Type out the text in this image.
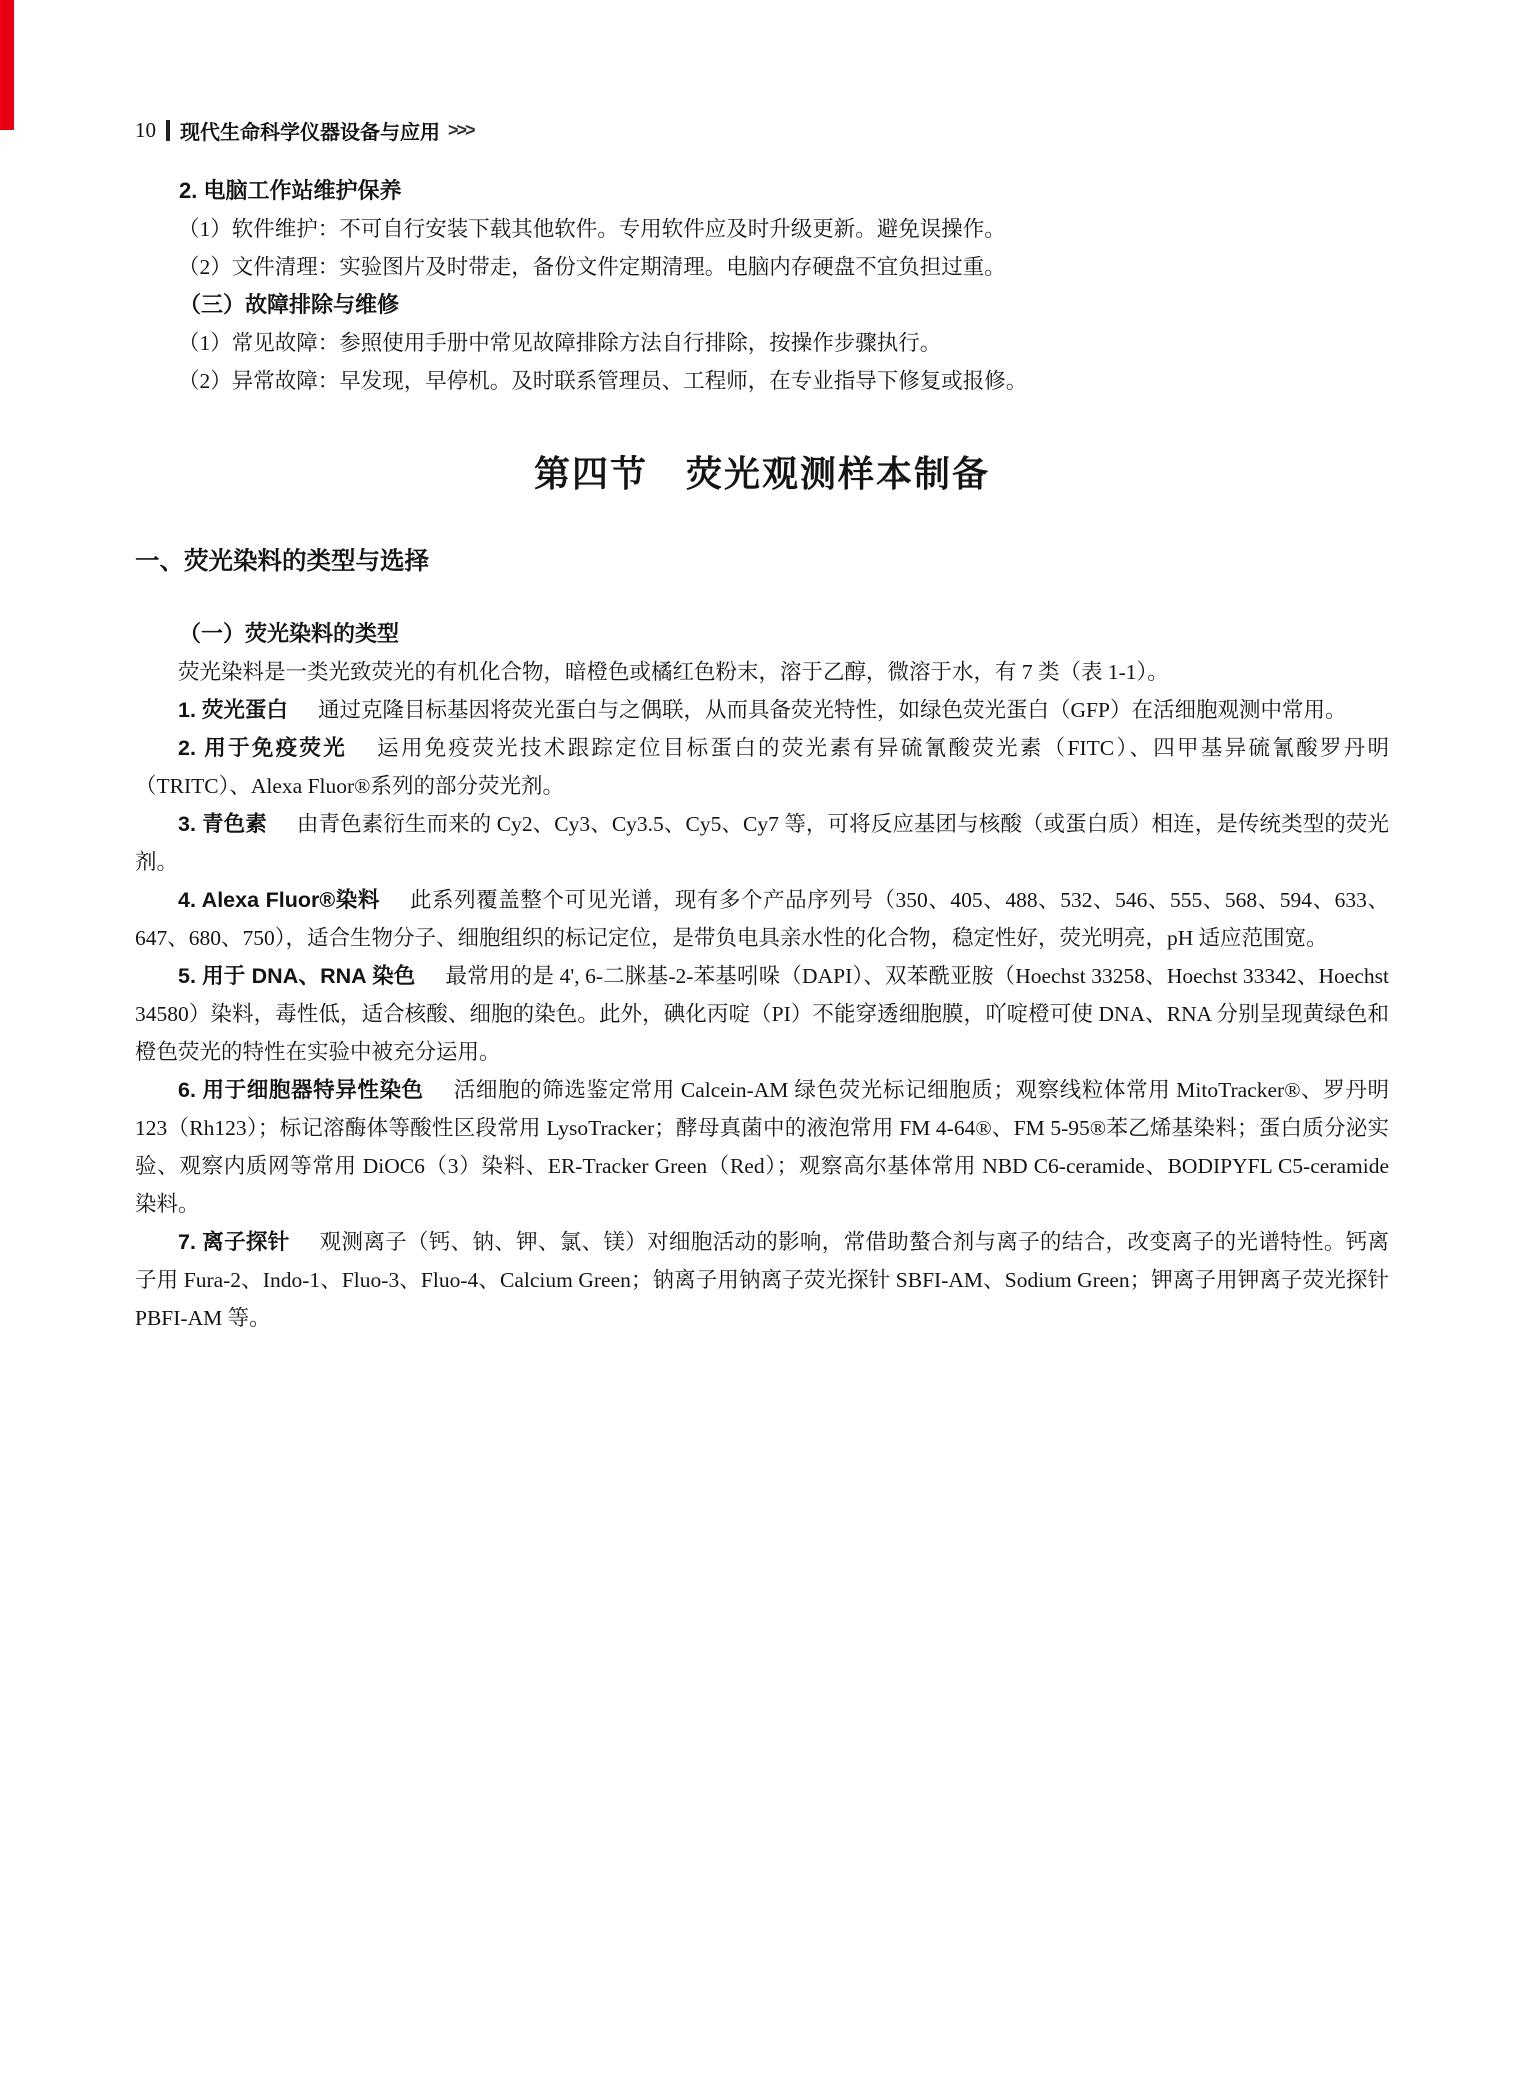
10 现代生命科学仪器设备与应用 >>>
2. 电脑工作站维护保养
（1）软件维护：不可自行安装下载其他软件。专用软件应及时升级更新。避免误操作。
（2）文件清理：实验图片及时带走，备份文件定期清理。电脑内存硬盘不宜负担过重。
（三）故障排除与维修
（1）常见故障：参照使用手册中常见故障排除方法自行排除，按操作步骤执行。
（2）异常故障：早发现，早停机。及时联系管理员、工程师，在专业指导下修复或报修。
第四节　荧光观测样本制备
一、荧光染料的类型与选择
（一）荧光染料的类型
荧光染料是一类光致荧光的有机化合物，暗橙色或橘红色粉末，溶于乙醇，微溶于水，有 7 类（表 1-1）。
1. 荧光蛋白 通过克隆目标基因将荧光蛋白与之偶联，从而具备荧光特性，如绿色荧光蛋白（GFP）在活细胞观测中常用。
2. 用于免疫荧光 运用免疫荧光技术跟踪定位目标蛋白的荧光素有异硫氰酸荧光素（FITC）、四甲基异硫氰酸罗丹明（TRITC）、Alexa Fluor®系列的部分荧光剂。
3. 青色素 由青色素衍生而来的 Cy2、Cy3、Cy3.5、Cy5、Cy7 等，可将反应基团与核酸（或蛋白质）相连，是传统类型的荧光剂。
4. Alexa Fluor®染料 此系列覆盖整个可见光谱，现有多个产品序列号（350、405、488、532、546、555、568、594、633、647、680、750），适合生物分子、细胞组织的标记定位，是带负电具亲水性的化合物，稳定性好，荧光明亮，pH 适应范围宽。
5. 用于 DNA、RNA 染色 最常用的是 4', 6-二脒基-2-苯基吲哚（DAPI）、双苯酰亚胺（Hoechst 33258、Hoechst 33342、Hoechst 34580）染料，毒性低，适合核酸、细胞的染色。此外，碘化丙啶（PI）不能穿透细胞膜，吖啶橙可使 DNA、RNA 分别呈现黄绿色和橙色荧光的特性在实验中被充分运用。
6. 用于细胞器特异性染色 活细胞的筛选鉴定常用 Calcein-AM 绿色荧光标记细胞质；观察线粒体常用 MitoTracker®、罗丹明 123（Rh123）；标记溶酶体等酸性区段常用 LysoTracker；酵母真菌中的液泡常用 FM 4-64®、FM 5-95®苯乙烯基染料；蛋白质分泌实验、观察内质网等常用 DiOC6（3）染料、ER-Tracker Green（Red）；观察高尔基体常用 NBD C6-ceramide、BODIPYFL C5-ceramide 染料。
7. 离子探针 观测离子（钙、钠、钾、氯、镁）对细胞活动的影响，常借助螯合剂与离子的结合，改变离子的光谱特性。钙离子用 Fura-2、Indo-1、Fluo-3、Fluo-4、Calcium Green；钠离子用钠离子荧光探针 SBFI-AM、Sodium Green；钾离子用钾离子荧光探针 PBFI-AM 等。
